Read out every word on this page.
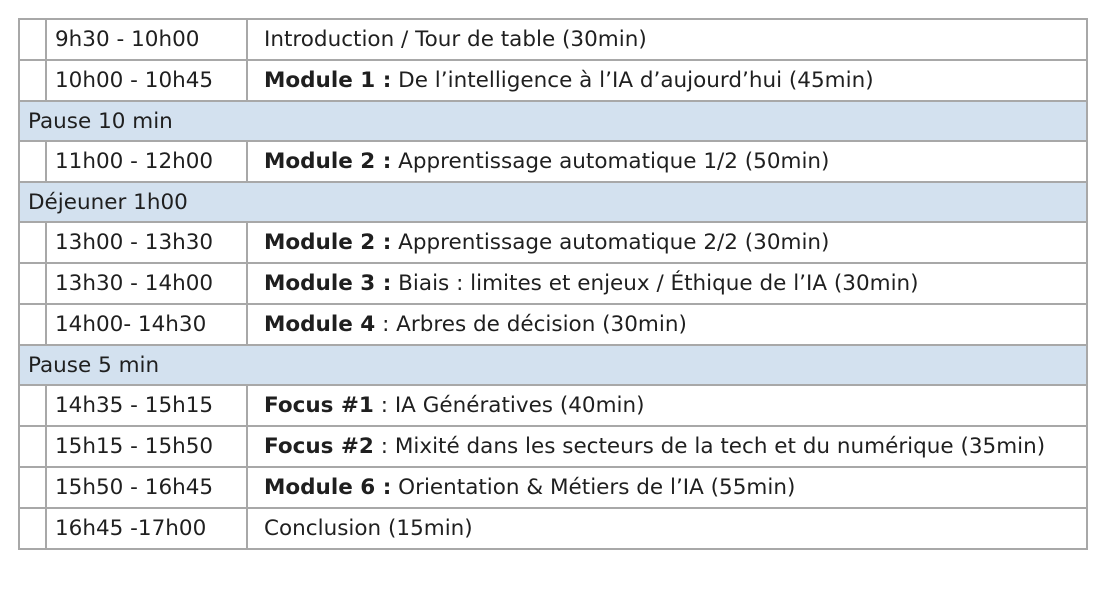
	9h30 - 10h00	Introduction / Tour de table (30min)
	10h00 - 10h45	Module 1 : De l’intelligence à l’IA d’aujourd’hui (45min)
Pause 10 min		
	11h00 - 12h00	Module 2 : Apprentissage automatique 1/2 (50min)
Déjeuner 1h00		
	13h00 - 13h30	Module 2 : Apprentissage automatique 2/2 (30min)
	13h30 - 14h00	Module 3 : Biais : limites et enjeux / Éthique de l’IA (30min)
	14h00- 14h30	Module 4 : Arbres de décision (30min)
Pause 5 min		
	14h35 - 15h15	Focus #1 : IA Génératives (40min)
	15h15 - 15h50	Focus #2 : Mixité dans les secteurs de la tech et du numérique (35min)
	15h50 - 16h45	Module 6 : Orientation & Métiers de l’IA (55min)
	16h45 -17h00	Conclusion (15min)
